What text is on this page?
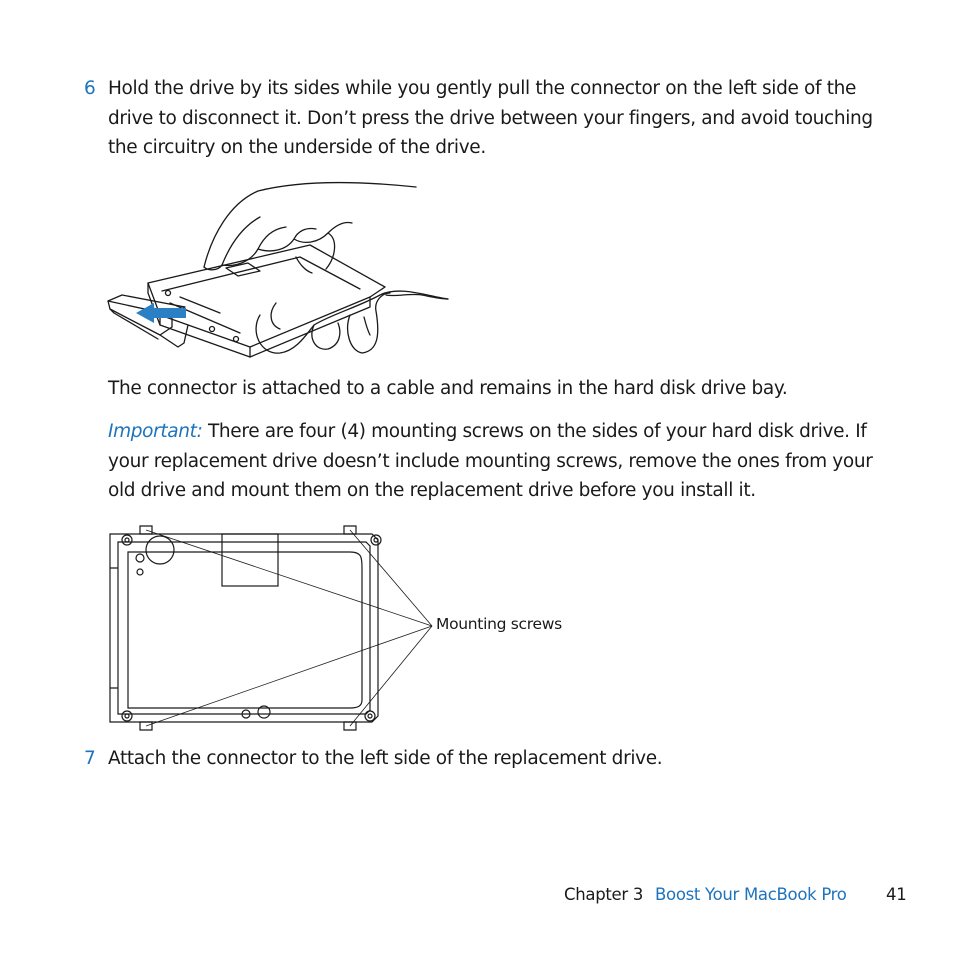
6 Hold the drive by its sides while you gently pull the connector on the left side of the drive to disconnect it. Don’t press the drive between your fingers, and avoid touching the circuitry on the underside of the drive.
The connector is attached to a cable and remains in the hard disk drive bay.
Important: There are four (4) mounting screws on the sides of your hard disk drive. If your replacement drive doesn’t include mounting screws, remove the ones from your old drive and mount them on the replacement drive before you install it.
Mounting screws
7 Attach the connector to the left side of the replacement drive.
Chapter 3 Boost Your MacBook Pro 41
